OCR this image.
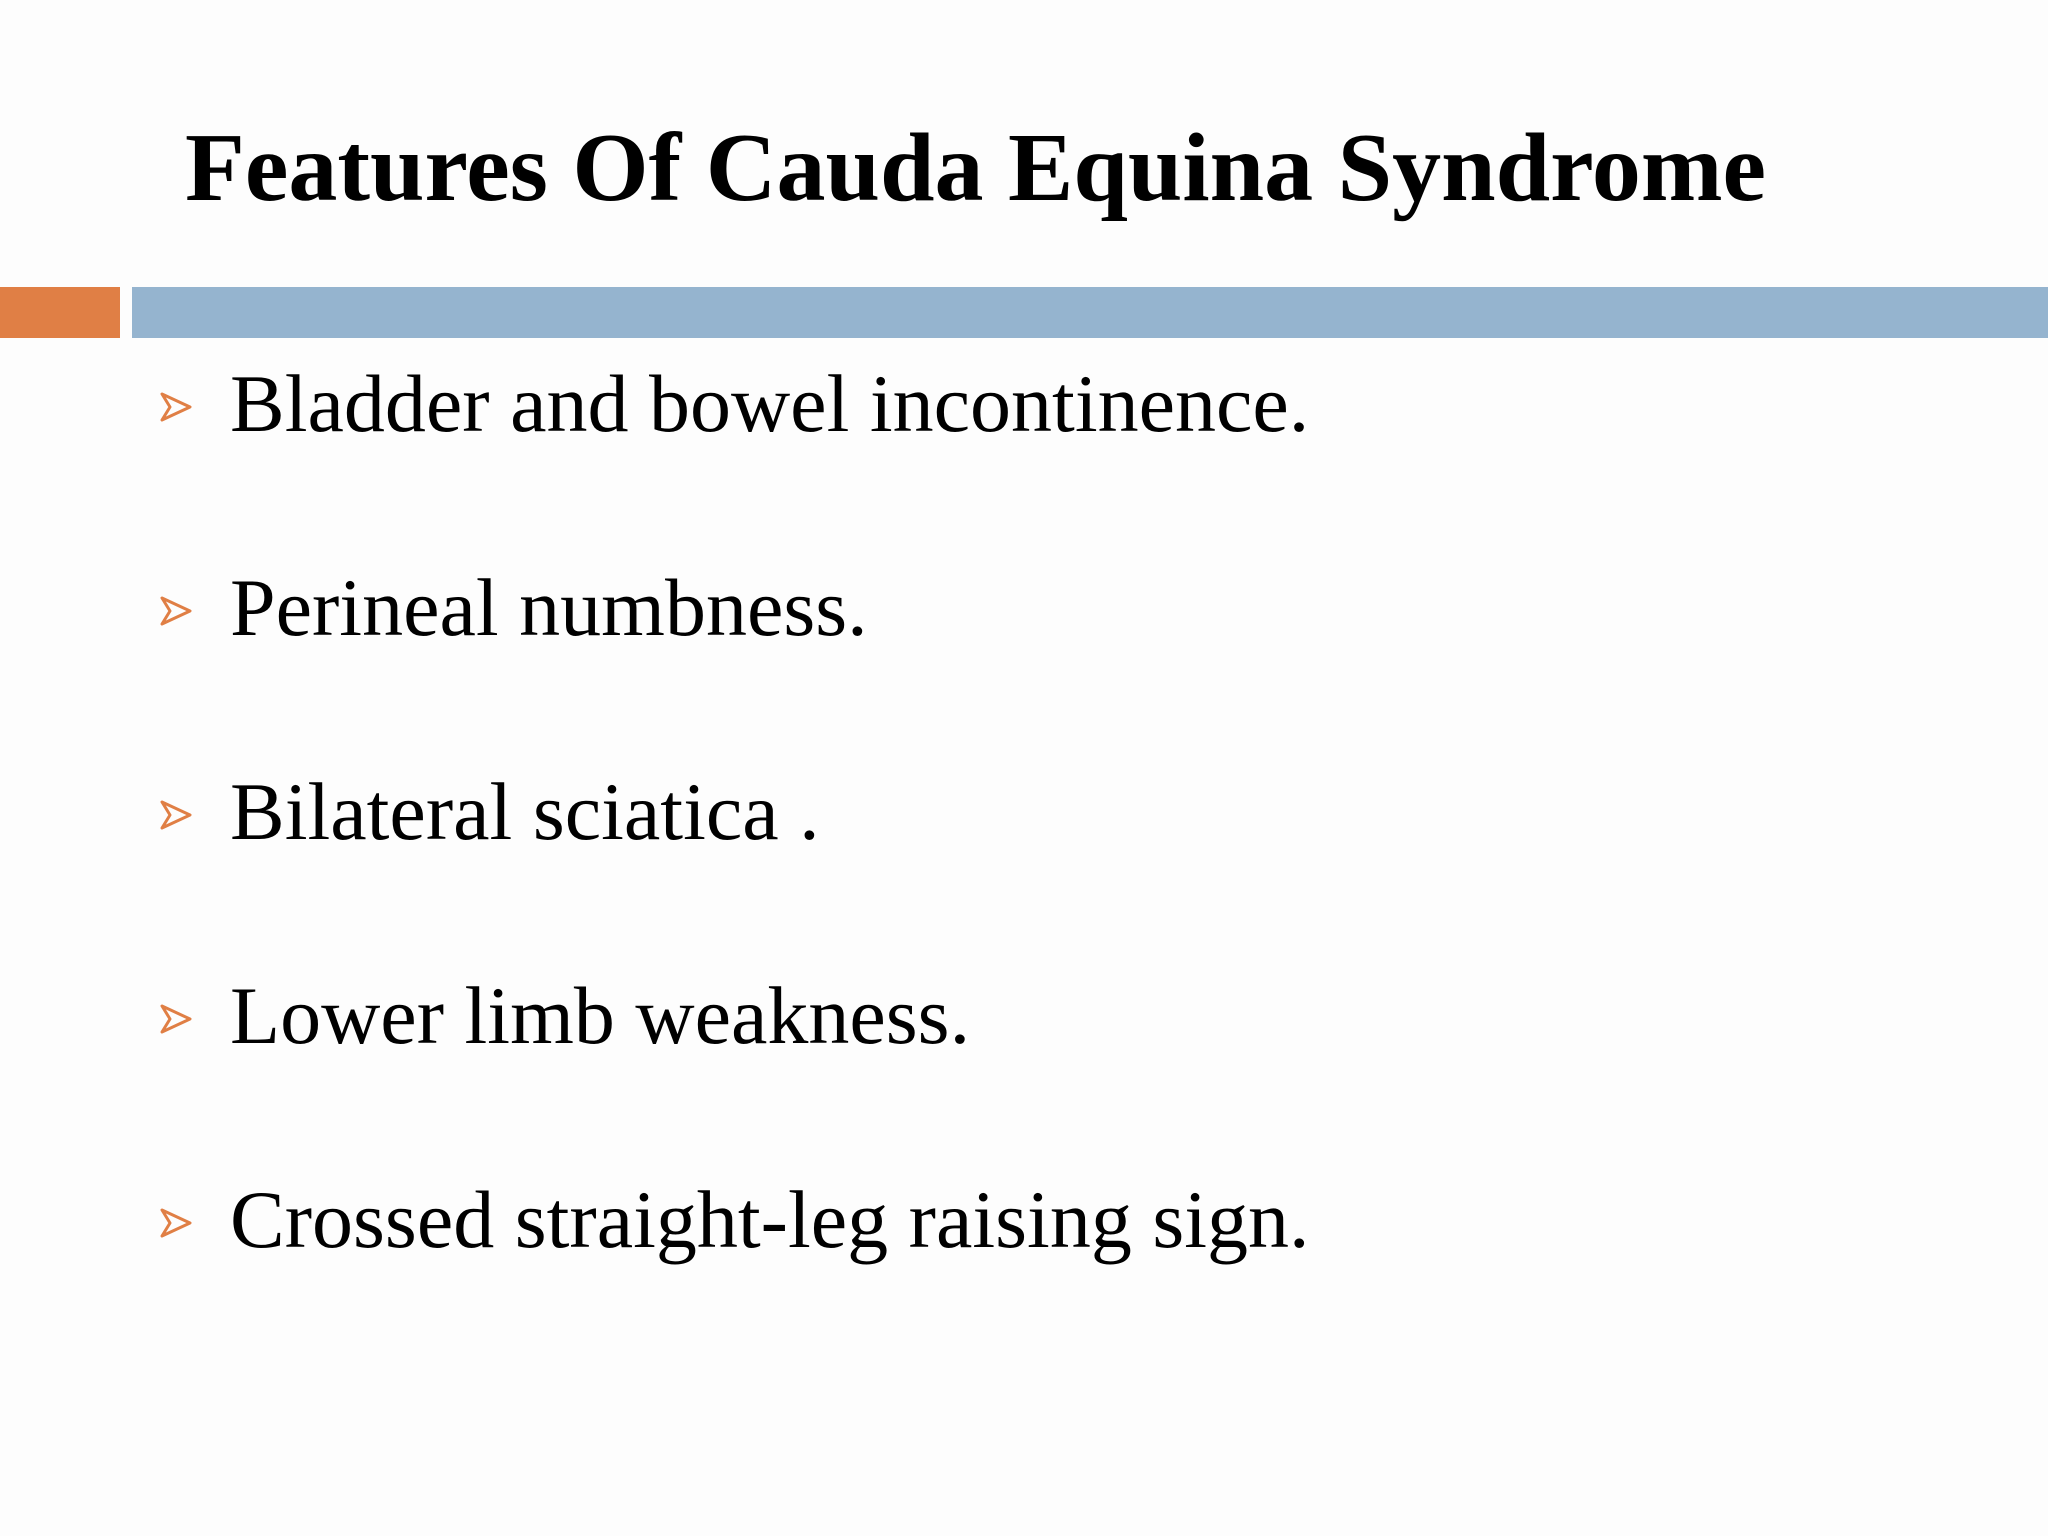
Features Of Cauda Equina Syndrome
Bladder and bowel incontinence.
Perineal numbness.
Bilateral sciatica .
Lower limb weakness.
Crossed straight-leg raising sign.
